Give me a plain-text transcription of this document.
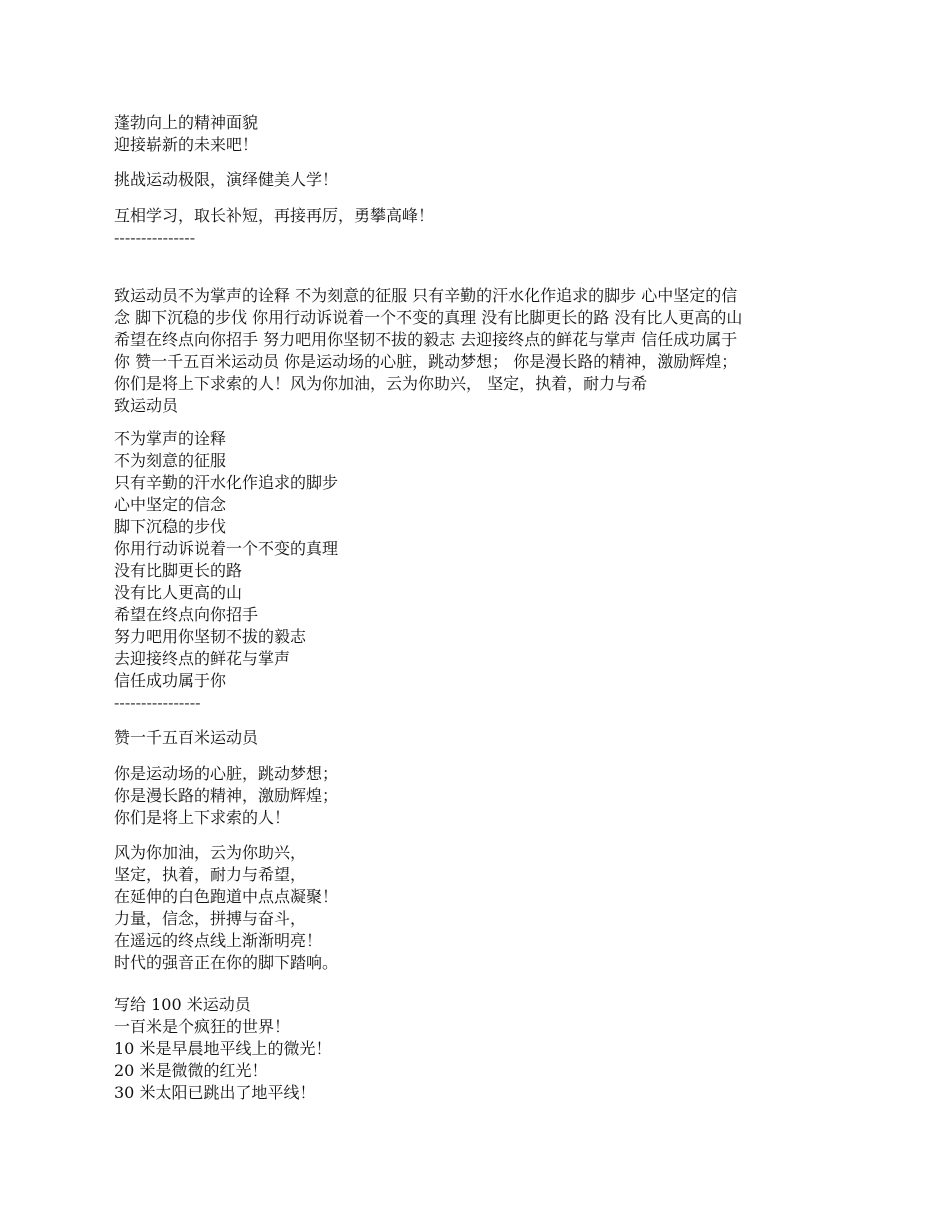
蓬勃向上的精神面貌
迎接崭新的未来吧！
挑战运动极限，演绎健美人学！
互相学习，取长补短，再接再厉，勇攀高峰！
---------------
致运动员不为掌声的诠释 不为刻意的征服 只有辛勤的汗水化作追求的脚步 心中坚定的信
念 脚下沉稳的步伐 你用行动诉说着一个不变的真理 没有比脚更长的路 没有比人更高的山
希望在终点向你招手 努力吧用你坚韧不拔的毅志 去迎接终点的鲜花与掌声 信任成功属于
你 赞一千五百米运动员 你是运动场的心脏，跳动梦想； 你是漫长路的精神，激励辉煌；
你们是将上下求索的人！风为你加油，云为你助兴， 坚定，执着，耐力与希
致运动员
不为掌声的诠释
不为刻意的征服
只有辛勤的汗水化作追求的脚步
心中坚定的信念
脚下沉稳的步伐
你用行动诉说着一个不变的真理
没有比脚更长的路
没有比人更高的山
希望在终点向你招手
努力吧用你坚韧不拔的毅志
去迎接终点的鲜花与掌声
信任成功属于你
----------------
赞一千五百米运动员
你是运动场的心脏，跳动梦想；
你是漫长路的精神，激励辉煌；
你们是将上下求索的人！
风为你加油，云为你助兴，
坚定，执着，耐力与希望，
在延伸的白色跑道中点点凝聚！
力量，信念，拼搏与奋斗，
在遥远的终点线上渐渐明亮！
时代的强音正在你的脚下踏响。
写给 100 米运动员
一百米是个疯狂的世界！
10 米是早晨地平线上的微光！
20 米是微微的红光！
30 米太阳已跳出了地平线！
